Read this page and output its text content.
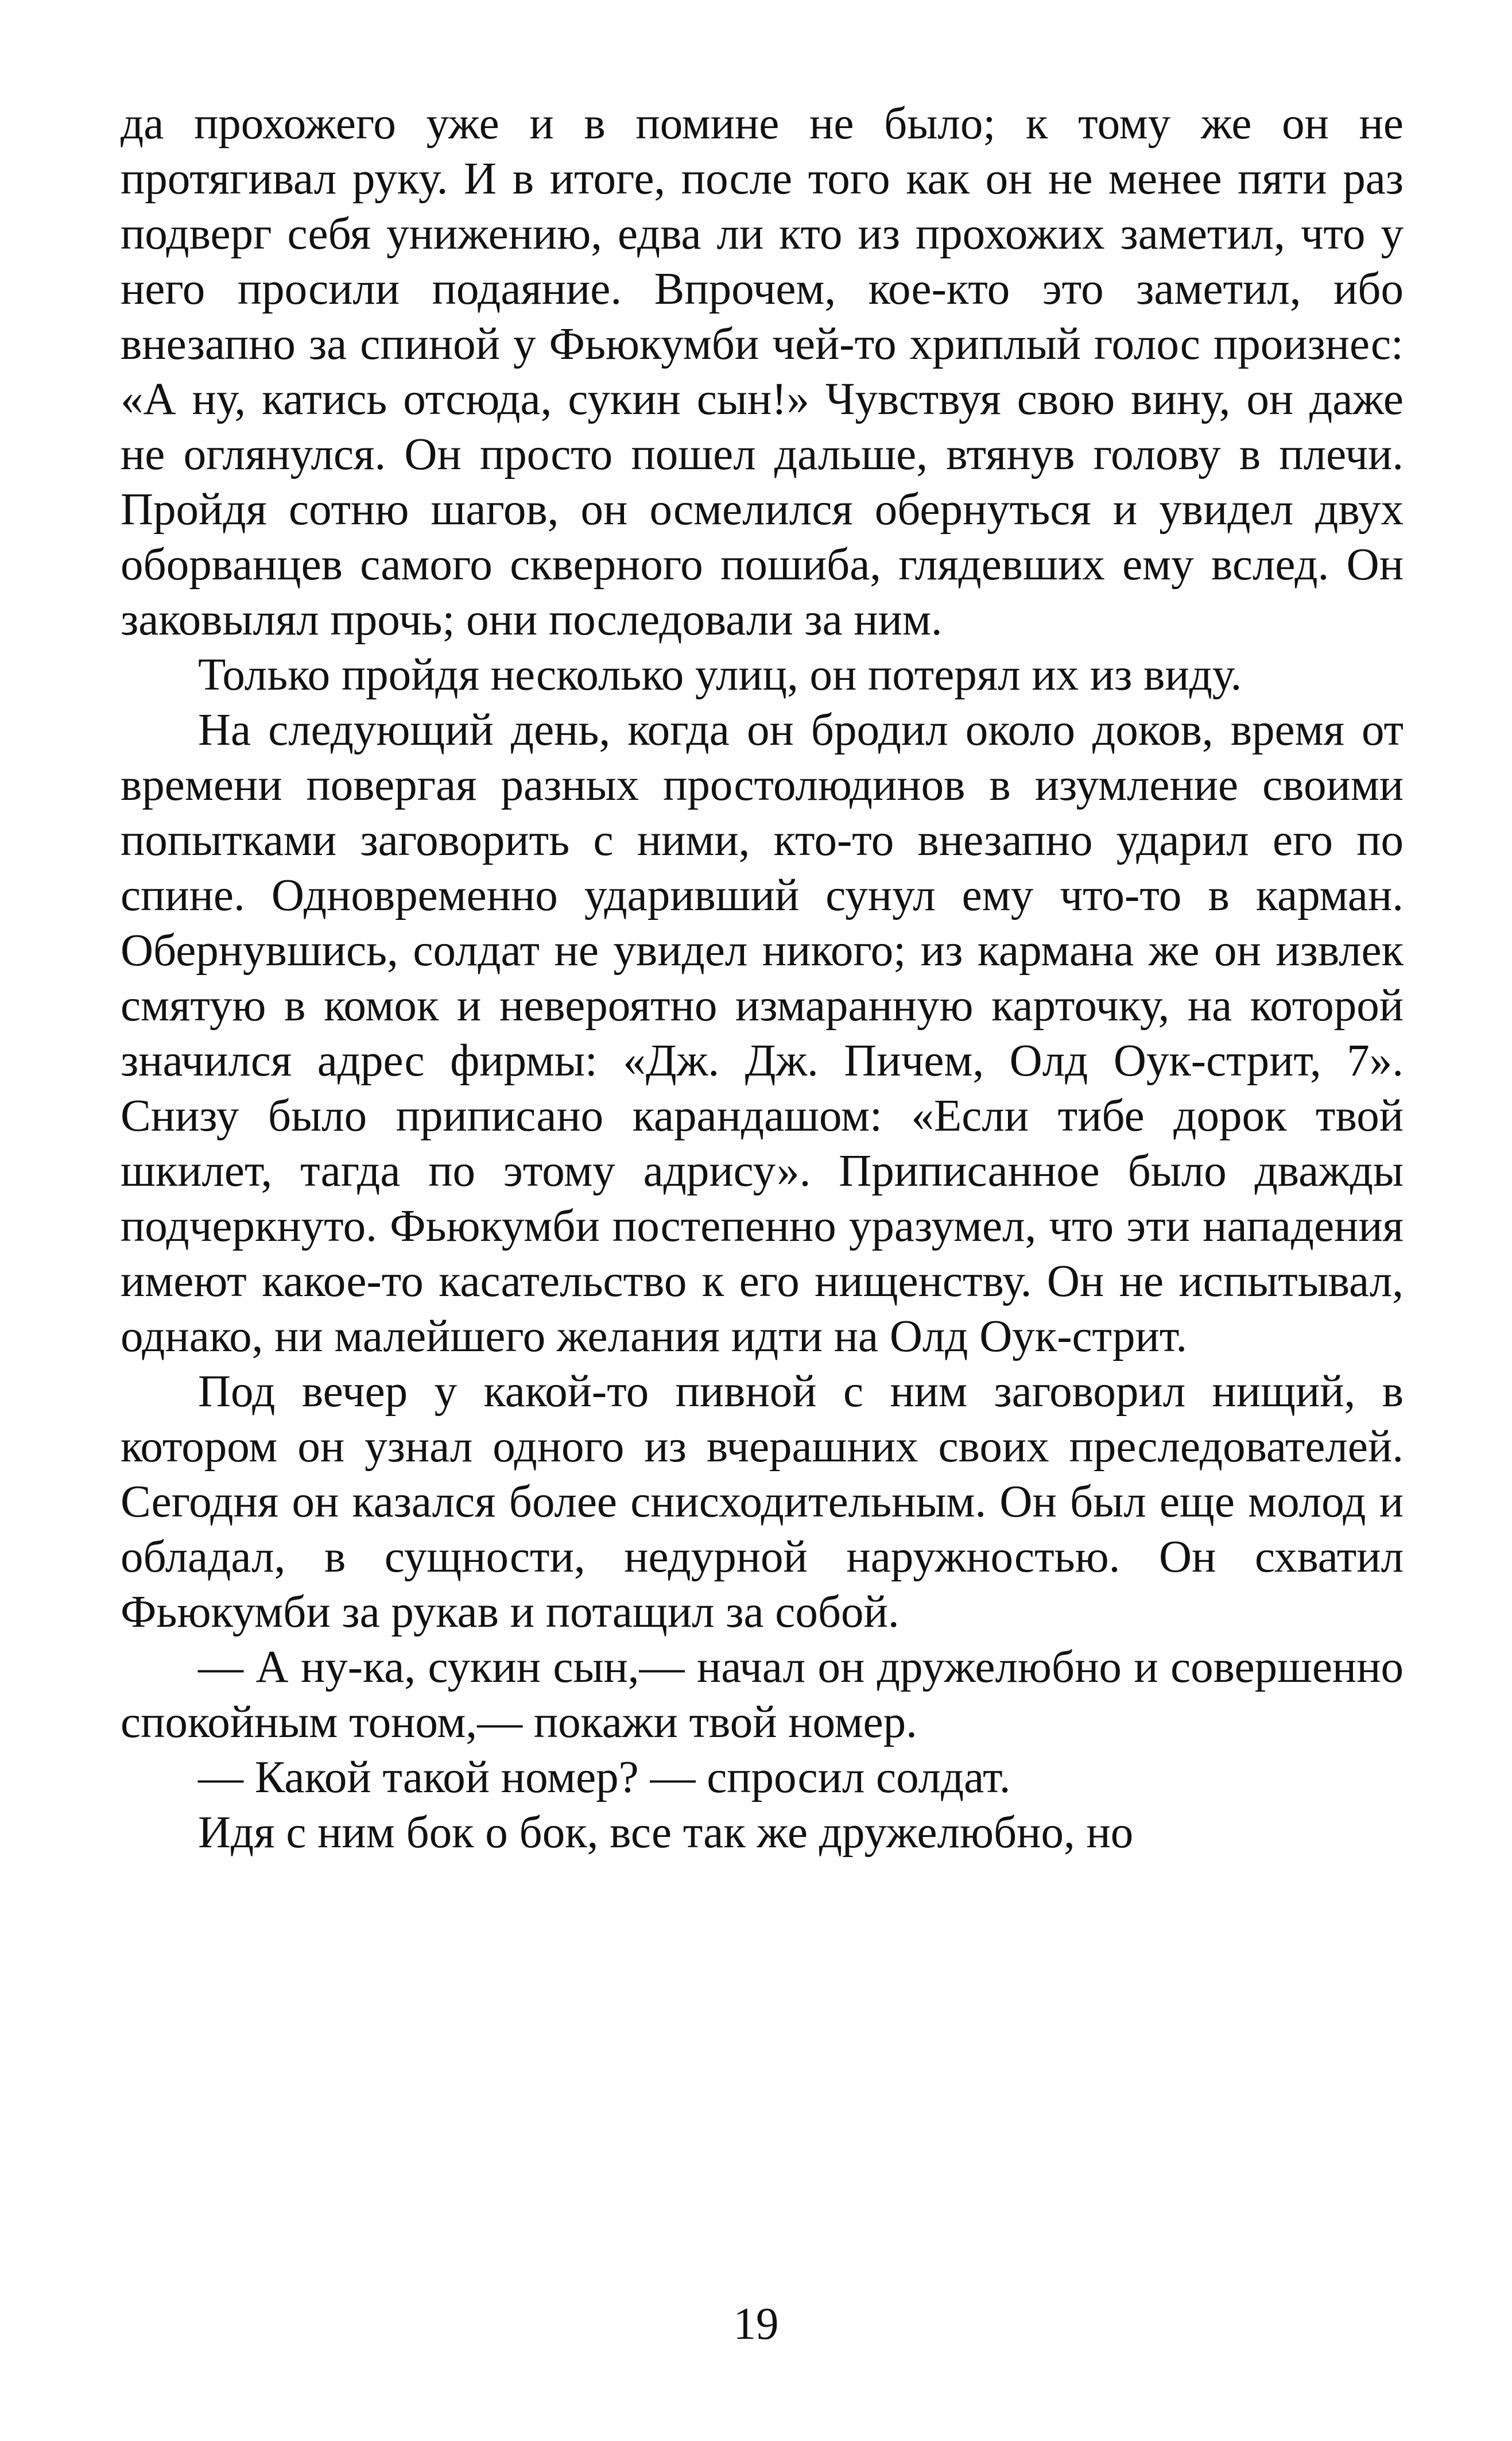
да прохожего уже и в помине не было; к тому же он не протягивал руку. И в итоге, после того как он не менее пяти раз подверг себя унижению, едва ли кто из прохожих заметил, что у него просили подаяние. Впрочем, кое-кто это заметил, ибо внезапно за спиной у Фьюкумби чей-то хриплый голос произнес: «А ну, катись отсюда, сукин сын!» Чувствуя свою вину, он даже не оглянулся. Он просто пошел дальше, втянув голову в плечи. Пройдя сотню шагов, он осмелился обернуться и увидел двух оборванцев самого скверного пошиба, глядевших ему вслед. Он заковылял прочь; они последовали за ним.

Только пройдя несколько улиц, он потерял их из виду.

На следующий день, когда он бродил около доков, время от времени повергая разных простолюдинов в изумление своими попытками заговорить с ними, кто-то внезапно ударил его по спине. Одновременно ударивший сунул ему что-то в карман. Обернувшись, солдат не увидел никого; из кармана же он извлек смятую в комок и невероятно измаранную карточку, на которой значился адрес фирмы: «Дж. Дж. Пичем, Олд Оук-стрит, 7». Снизу было приписано карандашом: «Если тибе дорок твой шкилет, тагда по этому адрису». Приписанное было дважды подчеркнуто. Фьюкумби постепенно уразумел, что эти нападения имеют какое-то касательство к его нищенству. Он не испытывал, однако, ни малейшего желания идти на Олд Оук-стрит.

Под вечер у какой-то пивной с ним заговорил нищий, в котором он узнал одного из вчерашних своих преследователей. Сегодня он казался более снисходительным. Он был еще молод и обладал, в сущности, недурной наружностью. Он схватил Фьюкумби за рукав и потащил за собой.

— А ну-ка, сукин сын,— начал он дружелюбно и совершенно спокойным тоном,— покажи твой номер.

— Какой такой номер? — спросил солдат.

Идя с ним бок о бок, все так же дружелюбно, но

19
